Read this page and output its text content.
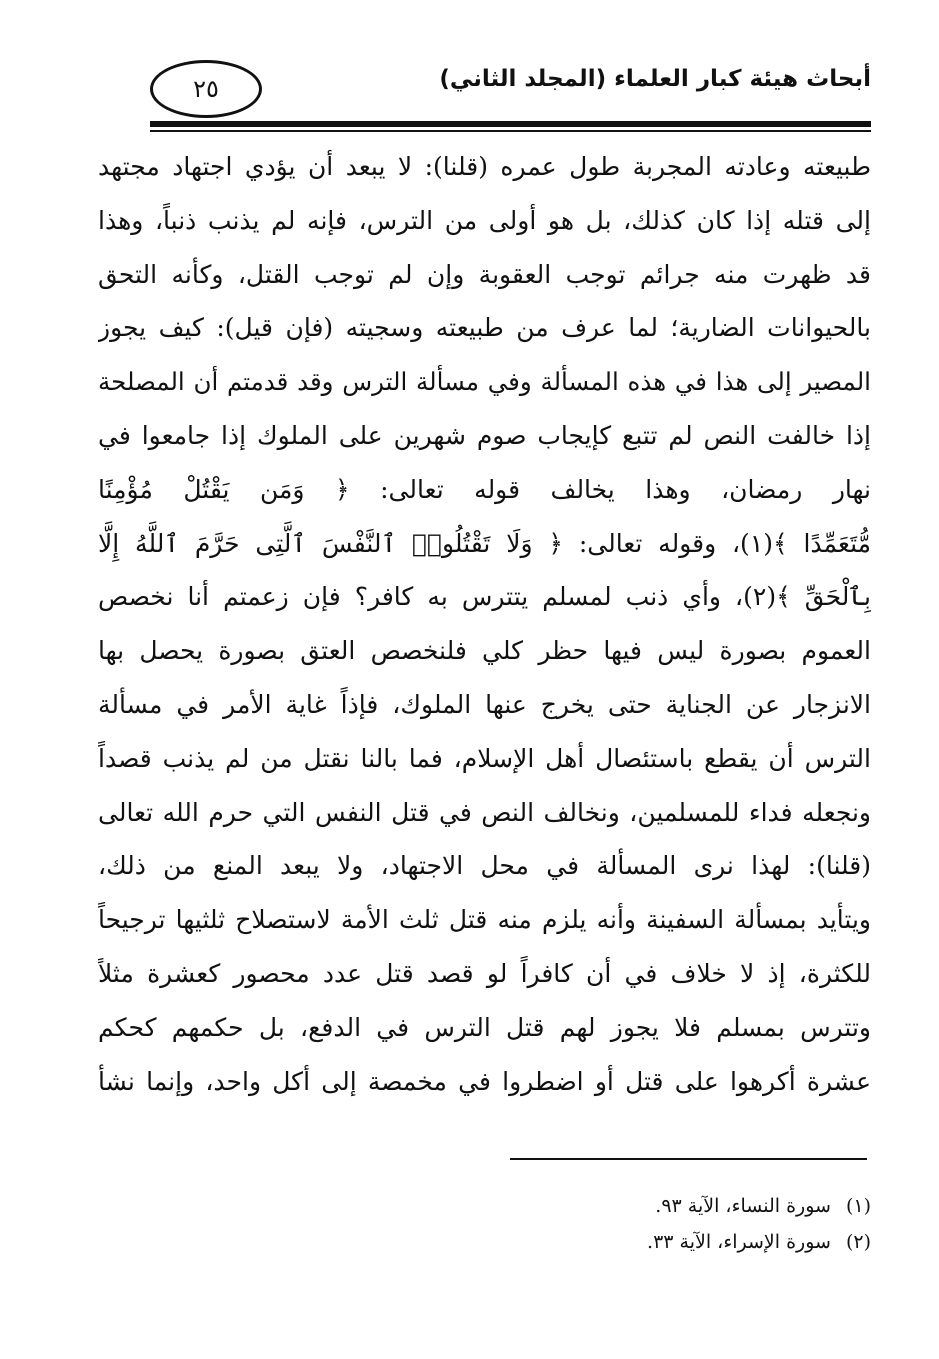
٢٥	أبحاث هيئة كبار العلماء (المجلد الثاني)
طبيعته وعادته المجربة طول عمره (قلنا): لا يبعد أن يؤدي اجتهاد مجتهد
إلى قتله إذا كان كذلك، بل هو أولى من الترس، فإنه لم يذنب ذنباً، وهذا
قد ظهرت منه جرائم توجب العقوبة وإن لم توجب القتل، وكأنه التحق
بالحيوانات الضارية؛ لما عرف من طبيعته وسجيته (فإن قيل): كيف يجوز
المصير إلى هذا في هذه المسألة وفي مسألة الترس وقد قدمتم أن المصلحة
إذا خالفت النص لم تتبع كإيجاب صوم شهرين على الملوك إذا جامعوا في
نهار رمضان، وهذا يخالف قوله تعالى: ﴿ وَمَن يَقْتُلْ مُؤْمِنًا
مُّتَعَمِّدًا ﴾(١)، وقوله تعالى: ﴿ وَلَا تَقْتُلُوا۟ ٱلنَّفْسَ ٱلَّتِى حَرَّمَ ٱللَّهُ إِلَّا
بِٱلْحَقِّ ﴾(٢)، وأي ذنب لمسلم يتترس به كافر؟ فإن زعمتم أنا نخصص
العموم بصورة ليس فيها حظر كلي فلنخصص العتق بصورة يحصل بها
الانزجار عن الجناية حتى يخرج عنها الملوك، فإذاً غاية الأمر في مسألة
الترس أن يقطع باستئصال أهل الإسلام، فما بالنا نقتل من لم يذنب قصداً
ونجعله فداء للمسلمين، ونخالف النص في قتل النفس التي حرم الله تعالى
(قلنا): لهذا نرى المسألة في محل الاجتهاد، ولا يبعد المنع من ذلك،
ويتأيد بمسألة السفينة وأنه يلزم منه قتل ثلث الأمة لاستصلاح ثلثيها ترجيحاً
للكثرة، إذ لا خلاف في أن كافراً لو قصد قتل عدد محصور كعشرة مثلاً
وتترس بمسلم فلا يجوز لهم قتل الترس في الدفع، بل حكمهم كحكم
عشرة أكرهوا على قتل أو اضطروا في مخمصة إلى أكل واحد، وإنما نشأ
(١) سورة النساء، الآية ٩٣.
(٢) سورة الإسراء، الآية ٣٣.
